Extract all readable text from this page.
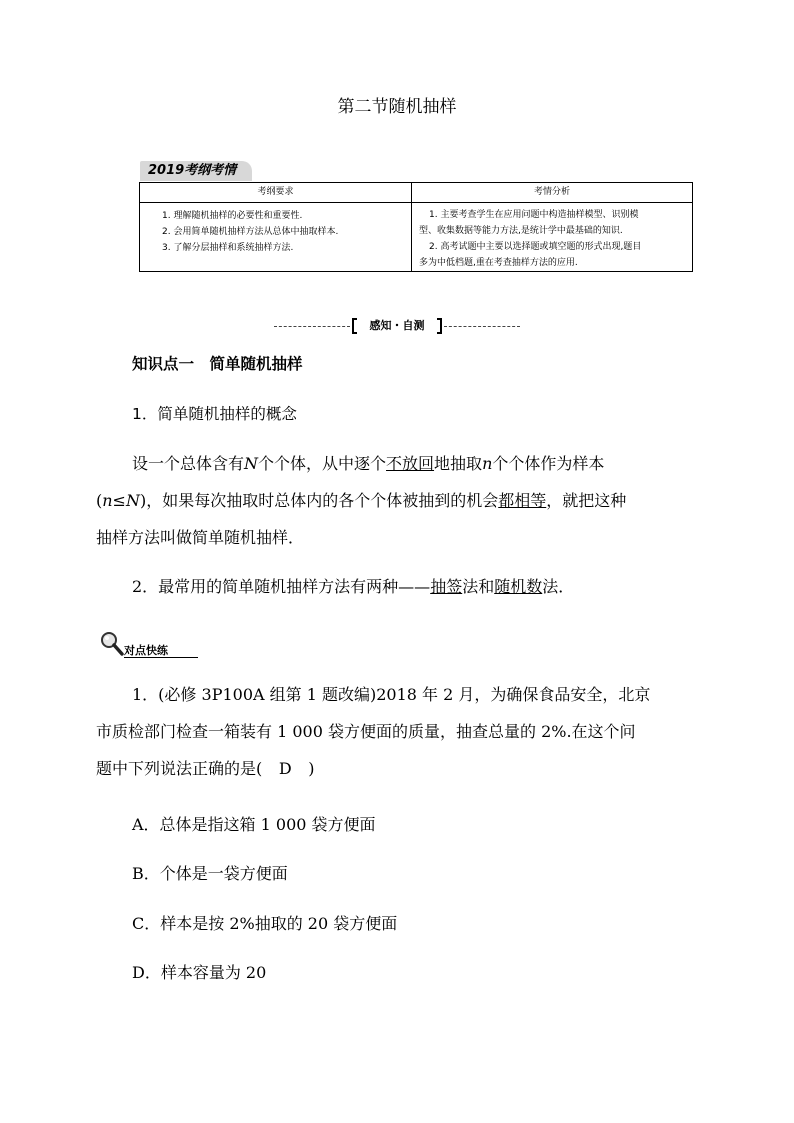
第二节随机抽样
2019考纲考情
考纲要求	考情分析
1. 理解随机抽样的必要性和重要性.
2. 会用简单随机抽样方法从总体中抽取样本.
3. 了解分层抽样和系统抽样方法.
1. 主要考查学生在应用问题中构造抽样模型、识别模
型、收集数据等能力方法,是统计学中最基础的知识.
2. 高考试题中主要以选择题或填空题的形式出现,题目
多为中低档题,重在考查抽样方法的应用.
感知・自测
知识点一　简单随机抽样
1．简单随机抽样的概念
设一个总体含有N个个体，从中逐个不放回地抽取n个个体作为样本
(n≤N)，如果每次抽取时总体内的各个个体被抽到的机会都相等，就把这种
抽样方法叫做简单随机抽样．
2．最常用的简单随机抽样方法有两种——抽签法和随机数法．
对点快练
1．(必修 3P100A 组第 1 题改编)2018 年 2 月，为确保食品安全，北京
市质检部门检查一箱装有 1 000 袋方便面的质量，抽查总量的 2%.在这个问
题中下列说法正确的是( D )
A．总体是指这箱 1 000 袋方便面
B．个体是一袋方便面
C．样本是按 2%抽取的 20 袋方便面
D．样本容量为 20
